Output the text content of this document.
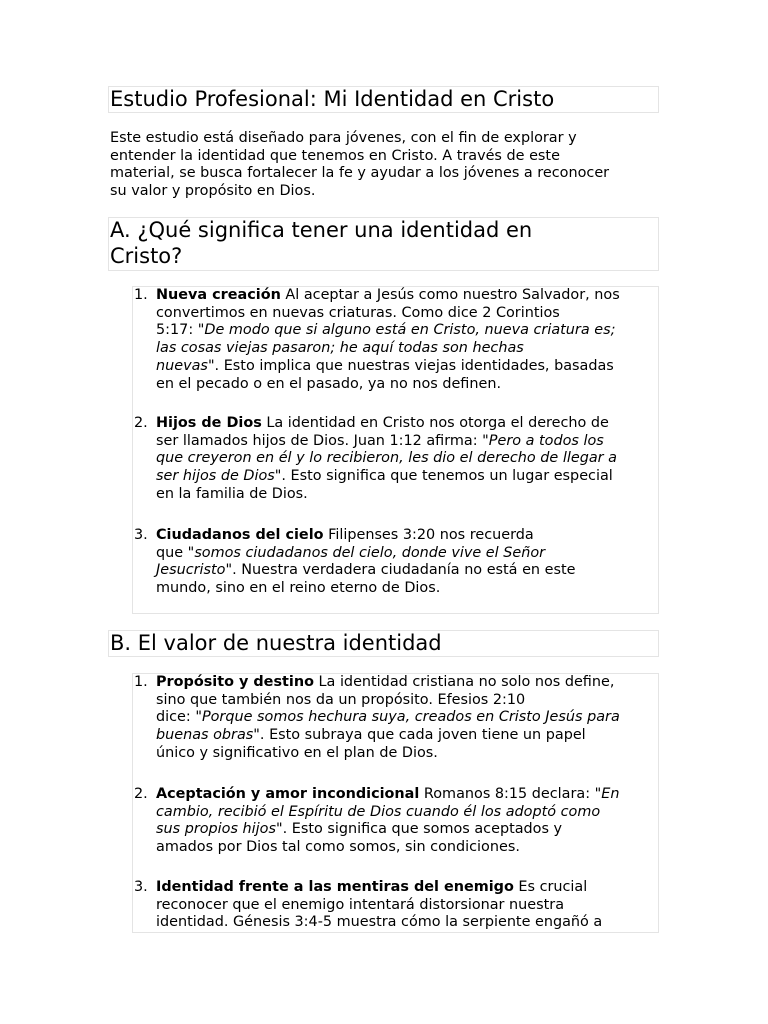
Estudio Profesional: Mi Identidad en Cristo
Este estudio está diseñado para jóvenes, con el fin de explorar y
entender la identidad que tenemos en Cristo. A través de este
material, se busca fortalecer la fe y ayudar a los jóvenes a reconocer
su valor y propósito en Dios.
A. ¿Qué significa tener una identidad en
Cristo?
1. Nueva creación Al aceptar a Jesús como nuestro Salvador, nos
convertimos en nuevas criaturas. Como dice 2 Corintios
5:17: "De modo que si alguno está en Cristo, nueva criatura es;
las cosas viejas pasaron; he aquí todas son hechas
nuevas". Esto implica que nuestras viejas identidades, basadas
en el pecado o en el pasado, ya no nos definen.
2. Hijos de Dios La identidad en Cristo nos otorga el derecho de
ser llamados hijos de Dios. Juan 1:12 afirma: "Pero a todos los
que creyeron en él y lo recibieron, les dio el derecho de llegar a
ser hijos de Dios". Esto significa que tenemos un lugar especial
en la familia de Dios.
3. Ciudadanos del cielo Filipenses 3:20 nos recuerda
que "somos ciudadanos del cielo, donde vive el Señor
Jesucristo". Nuestra verdadera ciudadanía no está en este
mundo, sino en el reino eterno de Dios.
B. El valor de nuestra identidad
1. Propósito y destino La identidad cristiana no solo nos define,
sino que también nos da un propósito. Efesios 2:10
dice: "Porque somos hechura suya, creados en Cristo Jesús para
buenas obras". Esto subraya que cada joven tiene un papel
único y significativo en el plan de Dios.
2. Aceptación y amor incondicional Romanos 8:15 declara: "En
cambio, recibió el Espíritu de Dios cuando él los adoptó como
sus propios hijos". Esto significa que somos aceptados y
amados por Dios tal como somos, sin condiciones.
3. Identidad frente a las mentiras del enemigo Es crucial
reconocer que el enemigo intentará distorsionar nuestra
identidad. Génesis 3:4-5 muestra cómo la serpiente engañó a
